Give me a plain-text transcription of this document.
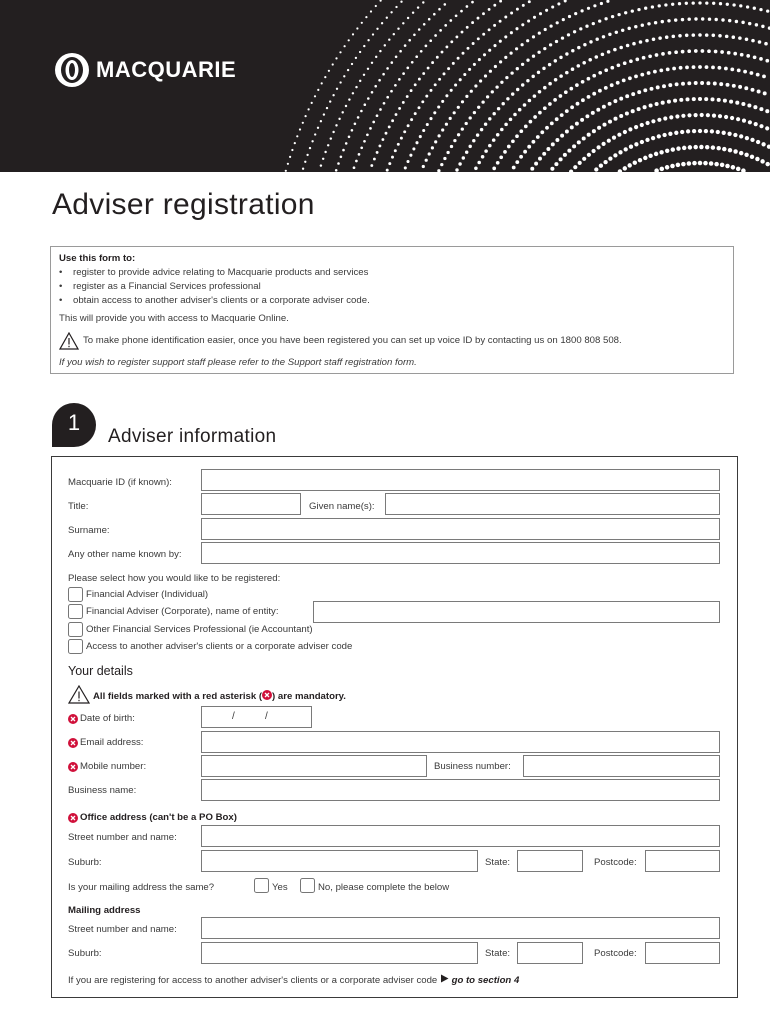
MACQUARIE
Adviser registration
Use this form to:
• register to provide advice relating to Macquarie products and services
• register as a Financial Services professional
• obtain access to another adviser's clients or a corporate adviser code.
This will provide you with access to Macquarie Online.
To make phone identification easier, once you have been registered you can set up voice ID by contacting us on 1800 808 508.
If you wish to register support staff please refer to the Support staff registration form.
1
Adviser information
Macquarie ID (if known):
Title:	Given name(s):
Surname:
Any other name known by:
Please select how you would like to be registered:
Financial Adviser (Individual)
Financial Adviser (Corporate), name of entity:
Other Financial Services Professional (ie Accountant)
Access to another adviser's clients or a corporate adviser code
Your details
All fields marked with a red asterisk ( ) are mandatory.
Date of birth:	/	/
Email address:
Mobile number:	Business number:
Business name:
Office address (can't be a PO Box)
Street number and name:
Suburb:	State:	Postcode:
Is your mailing address the same?	Yes	No, please complete the below
Mailing address
Street number and name:
Suburb:	State:	Postcode:
If you are registering for access to another adviser's clients or a corporate adviser code go to section 4
